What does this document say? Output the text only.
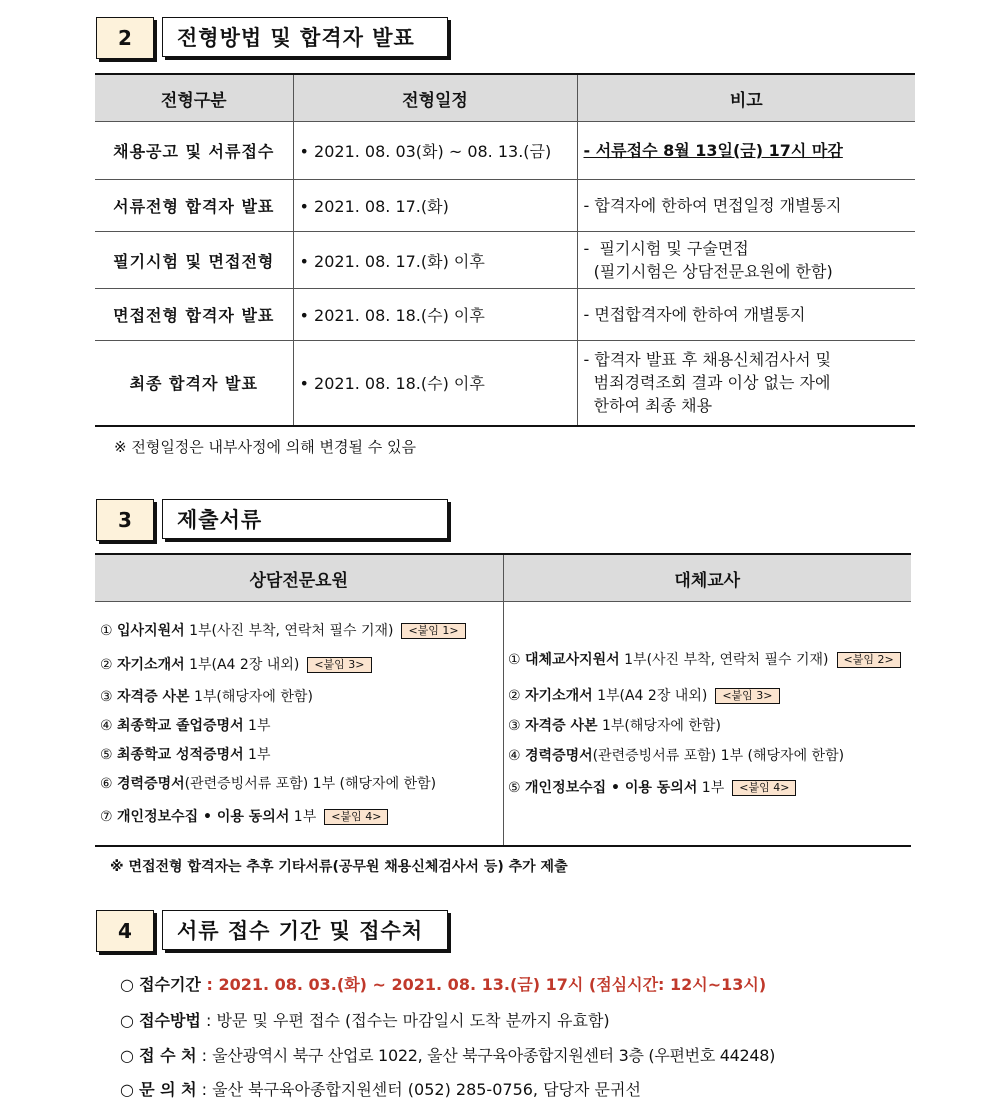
2	전형방법 및 합격자 발표
전형구분	전형일정	비고
채용공고 및 서류접수	• 2021. 08. 03(화) ~ 08. 13.(금)	- 서류접수 8월 13일(금) 17시 마감

서류전형 합격자 발표	• 2021. 08. 17.(화)	- 합격자에 한하여 면접일정 개별통지

필기시험 및 면접전형	• 2021. 08. 17.(화) 이후	-  필기시험 및 구술면접
(필기시험은 상담전문요원에 한함)

면접전형 합격자 발표	• 2021. 08. 18.(수) 이후	- 면접합격자에 한하여 개별통지

최종 합격자 발표	• 2021. 08. 18.(수) 이후	- 합격자 발표 후 채용신체검사서 및
범죄경력조회 결과 이상 없는 자에
한하여 최종 채용
※ 전형일정은 내부사정에 의해 변경될 수 있음
3	제출서류
상담전문요원	대체교사

① 입사지원서 1부(사진 부착, 연락처 필수 기재) <붙임 1>
② 자기소개서 1부(A4 2장 내외) <붙임 3>
③ 자격증 사본 1부(해당자에 한함)
④ 최종학교 졸업증명서 1부
⑤ 최종학교 성적증명서 1부
⑥ 경력증명서(관련증빙서류 포함) 1부 (해당자에 한함)
⑦ 개인정보수집 • 이용 동의서 1부 <붙임 4>
① 대체교사지원서 1부(사진 부착, 연락처 필수 기재) <붙임 2>
② 자기소개서 1부(A4 2장 내외) <붙임 3>
③ 자격증 사본 1부(해당자에 한함)
④ 경력증명서(관련증빙서류 포함) 1부 (해당자에 한함)
⑤ 개인정보수집 • 이용 동의서 1부 <붙임 4>
※ 면접전형 합격자는 추후 기타서류(공무원 채용신체검사서 등) 추가 제출
4	서류 접수 기간 및 접수처
○ 접수기간 : 2021. 08. 03.(화) ~ 2021. 08. 13.(금) 17시 (점심시간: 12시~13시)
○ 접수방법 : 방문 및 우편 접수 (접수는 마감일시 도착 분까지 유효함)
○ 접 수 처 : 울산광역시 북구 산업로 1022, 울산 북구육아종합지원센터 3층 (우편번호 44248)
○ 문 의 처 : 울산 북구육아종합지원센터 (052) 285-0756, 담당자 문귀선
